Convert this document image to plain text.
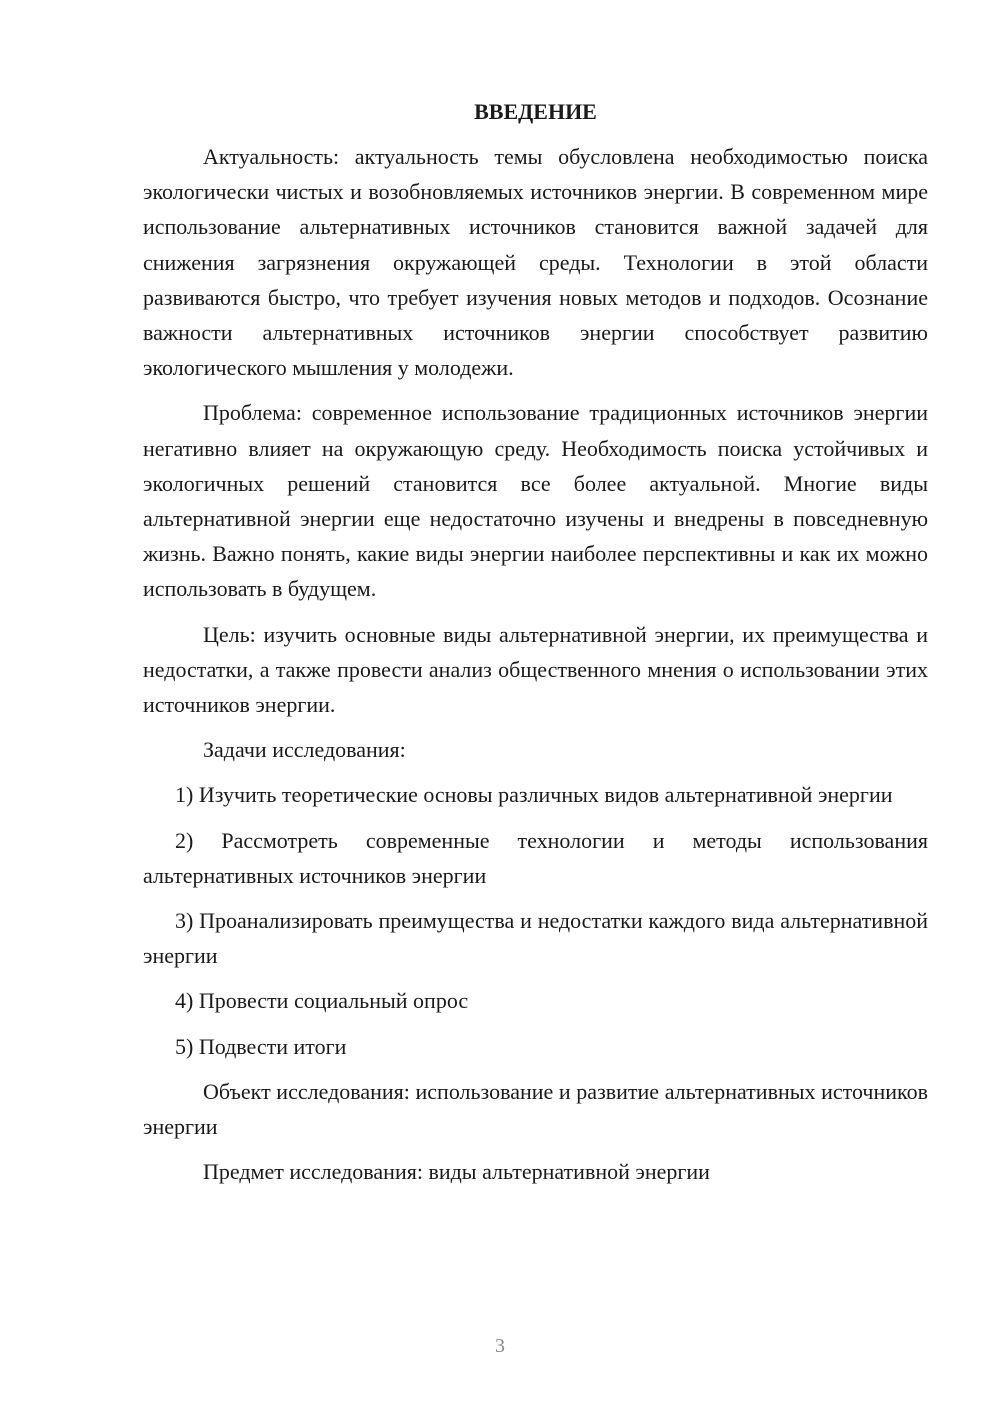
ВВЕДЕНИЕ

Актуальность: актуальность темы обусловлена необходимостью поиска экологически чистых и возобновляемых источников энергии. В современном мире использование альтернативных источников становится важной задачей для снижения загрязнения окружающей среды. Технологии в этой области развиваются быстро, что требует изучения новых методов и подходов. Осознание важности альтернативных источников энергии способствует развитию экологического мышления у молодежи.

Проблема: современное использование традиционных источников энергии негативно влияет на окружающую среду. Необходимость поиска устойчивых и экологичных решений становится все более актуальной. Многие виды альтернативной энергии еще недостаточно изучены и внедрены в повседневную жизнь. Важно понять, какие виды энергии наиболее перспективны и как их можно использовать в будущем.

Цель: изучить основные виды альтернативной энергии, их преимущества и недостатки, а также провести анализ общественного мнения о использовании этих источников энергии.

Задачи исследования:

1) Изучить теоретические основы различных видов альтернативной энергии

2) Рассмотреть современные технологии и методы использования альтернативных источников энергии

3) Проанализировать преимущества и недостатки каждого вида альтернативной энергии

4) Провести социальный опрос

5) Подвести итоги

Объект исследования: использование и развитие альтернативных источников энергии

Предмет исследования: виды альтернативной энергии

3
